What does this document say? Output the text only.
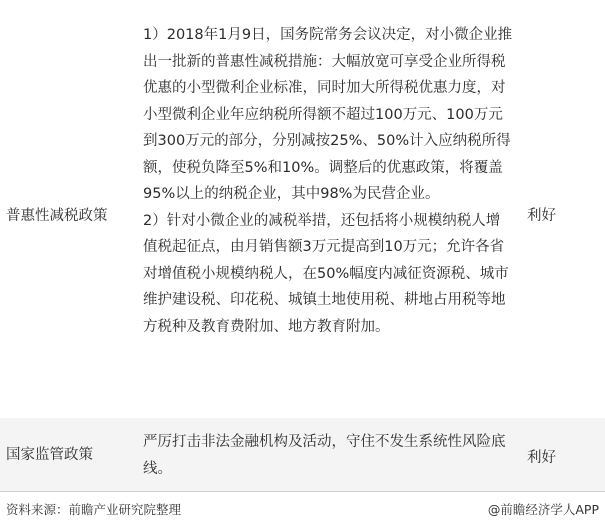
普惠性减税政策

1）2018年1月9日，国务院常务会议决定，对小微企业推出一批新的普惠性减税措施：大幅放宽可享受企业所得税优惠的小型微利企业标准，同时加大所得税优惠力度，对小型微利企业年应纳税所得额不超过100万元、100万元到300万元的部分，分别减按25%、50%计入应纳税所得额，使税负降至5%和10%。调整后的优惠政策，将覆盖95%以上的纳税企业，其中98%为民营企业。

2）针对小微企业的减税举措，还包括将小规模纳税人增值税起征点，由月销售额3万元提高到10万元；允许各省对增值税小规模纳税人，在50%幅度内减征资源税、城市维护建设税、印花税、城镇土地使用税、耕地占用税等地方税种及教育费附加、地方教育附加。

利好
国家监管政策

严厉打击非法金融机构及活动，守住不发生系统性风险底线。

利好
资料来源：前瞻产业研究院整理	@前瞻经济学人APP
